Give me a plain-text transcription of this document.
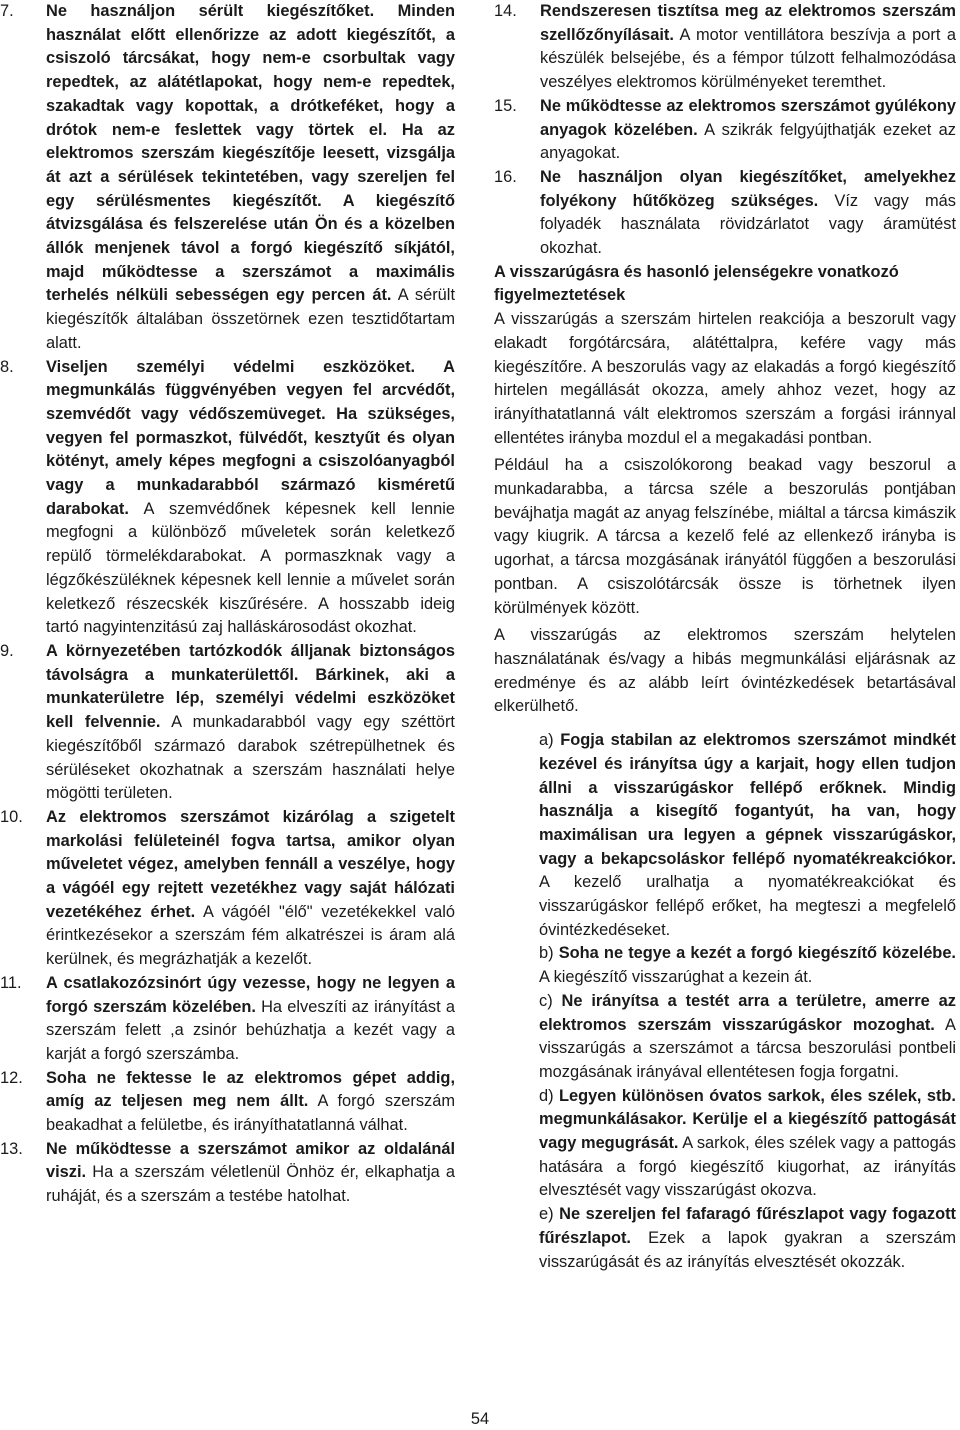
7. Ne használjon sérült kiegészítőket. Minden használat előtt ellenőrizze az adott kiegészítőt, a csiszoló tárcsákat, hogy nem-e csorbultak vagy repedtek, az alátétlapokat, hogy nem-e repedtek, szakadtak vagy kopottak, a drótkeféket, hogy a drótok nem-e feslettek vagy törtek el. Ha az elektromos szerszám kiegészítője leesett, vizsgálja át azt a sérülések tekintetében, vagy szereljen fel egy sérülésmentes kiegészítőt. A kiegészítő átvizsgálása és felszerelése után Ön és a közelben állók menjenek távol a forgó kiegészítő síkjától, majd működtesse a szerszámot a maximális terhelés nélküli sebességen egy percen át. A sérült kiegészítők általában összetörnek ezen tesztidőtartam alatt.
8. Viseljen személyi védelmi eszközöket. A megmunkálás függvényében vegyen fel arcvédőt, szemvédőt vagy védőszemüveget. Ha szükséges, vegyen fel pormaszkot, fülvédőt, kesztyűt és olyan kötényt, amely képes megfogni a csiszolóanyagból vagy a munkadarabból származó kisméretű darabokat. A szemvédőnek képesnek kell lennie megfogni a különböző műveletek során keletkező repülő törmelékdarabokat. A pormaszknak vagy a légzőkészüléknek képesnek kell lennie a művelet során keletkező részecskék kiszűrésére. A hosszabb ideig tartó nagyintenzitású zaj halláskárosodást okozhat.
9. A környezetében tartózkodók álljanak biztonságos távolságra a munkaterülettől. Bárkinek, aki a munkaterületre lép, személyi védelmi eszközöket kell felvennie. A munkadarabból vagy egy széttört kiegészítőből származó darabok szétrepülhetnek és sérüléseket okozhatnak a szerszám használati helye mögötti területen.
10. Az elektromos szerszámot kizárólag a szigetelt markolási felületeinél fogva tartsa, amikor olyan műveletet végez, amelyben fennáll a veszélye, hogy a vágóél egy rejtett vezetékhez vagy saját hálózati vezetékéhez érhet. A vágóél "élő" vezetékekkel való érintkezésekor a szerszám fém alkatrészei is áram alá kerülnek, és megrázhatják a kezelőt.
11. A csatlakozózsinórt úgy vezesse, hogy ne legyen a forgó szerszám közelében. Ha elveszíti az irányítást a szerszám felett ,a zsinór behúzhatja a kezét vagy a karját a forgó szerszámba.
12. Soha ne fektesse le az elektromos gépet addig, amíg az teljesen meg nem állt. A forgó szerszám beakadhat a felületbe, és irányíthatatlanná válhat.
13. Ne működtesse a szerszámot amikor az oldalánál viszi. Ha a szerszám véletlenül Önhöz ér, elkaphatja a ruháját, és a szerszám a testébe hatolhat.
14. Rendszeresen tisztítsa meg az elektromos szerszám szellőzőnyílásait. A motor ventillátora beszívja a port a készülék belsejébe, és a fémpor túlzott felhalmozódása veszélyes elektromos körülményeket teremthet.
15. Ne működtesse az elektromos szerszámot gyúlékony anyagok közelében. A szikrák felgyújthatják ezeket az anyagokat.
16. Ne használjon olyan kiegészítőket, amelyekhez folyékony hűtőközeg szükséges. Víz vagy más folyadék használata rövidzárlatot vagy áramütést okozhat.
A visszarúgásra és hasonló jelenségekre vonatkozó figyelmeztetések
A visszarúgás a szerszám hirtelen reakciója a beszorult vagy elakadt forgótárcsára, alátéttalpra, kefére vagy más kiegészítőre. A beszorulás vagy az elakadás a forgó kiegészítő hirtelen megállását okozza, amely ahhoz vezet, hogy az irányíthatatlanná vált elektromos szerszám a forgási iránnyal ellentétes irányba mozdul el a megakadási pontban.
Például ha a csiszolókorong beakad vagy beszorul a munkadarabba, a tárcsa széle a beszorulás pontjában bevájhatja magát az anyag felszínébe, miáltal a tárcsa kimászik vagy kiugrik. A tárcsa a kezelő felé az ellenkező irányba is ugorhat, a tárcsa mozgásának irányától függően a beszorulási pontban. A csiszolótárcsák össze is törhetnek ilyen körülmények között.
A visszarúgás az elektromos szerszám helytelen használatának és/vagy a hibás megmunkálási eljárásnak az eredménye és az alább leírt óvintézkedések betartásával elkerülhető.
a) Fogja stabilan az elektromos szerszámot mindkét kezével és irányítsa úgy a karjait, hogy ellen tudjon állni a visszarúgáskor fellépő erőknek. Mindig használja a kisegítő fogantyút, ha van, hogy maximálisan ura legyen a gépnek visszarúgáskor, vagy a bekapcsoláskor fellépő nyomatékreakciókor. A kezelő uralhatja a nyomatékreakciókat és visszarúgáskor fellépő erőket, ha megteszi a megfelelő óvintézkedéseket.
b) Soha ne tegye a kezét a forgó kiegészítő közelébe. A kiegészítő visszarúghat a kezein át.
c) Ne irányítsa a testét arra a területre, amerre az elektromos szerszám visszarúgáskor mozoghat. A visszarúgás a szerszámot a tárcsa beszorulási pontbeli mozgásának irányával ellentétesen fogja forgatni.
d) Legyen különösen óvatos sarkok, éles szélek, stb. megmunkálásakor. Kerülje el a kiegészítő pattogását vagy megugrását. A sarkok, éles szélek vagy a pattogás hatására a forgó kiegészítő kiugorhat, az irányítás elvesztését vagy visszarúgást okozva.
e) Ne szereljen fel fafaragó fűrészlapot vagy fogazott fűrészlapot. Ezek a lapok gyakran a szerszám visszarúgását és az irányítás elvesztését okozzák.
54
